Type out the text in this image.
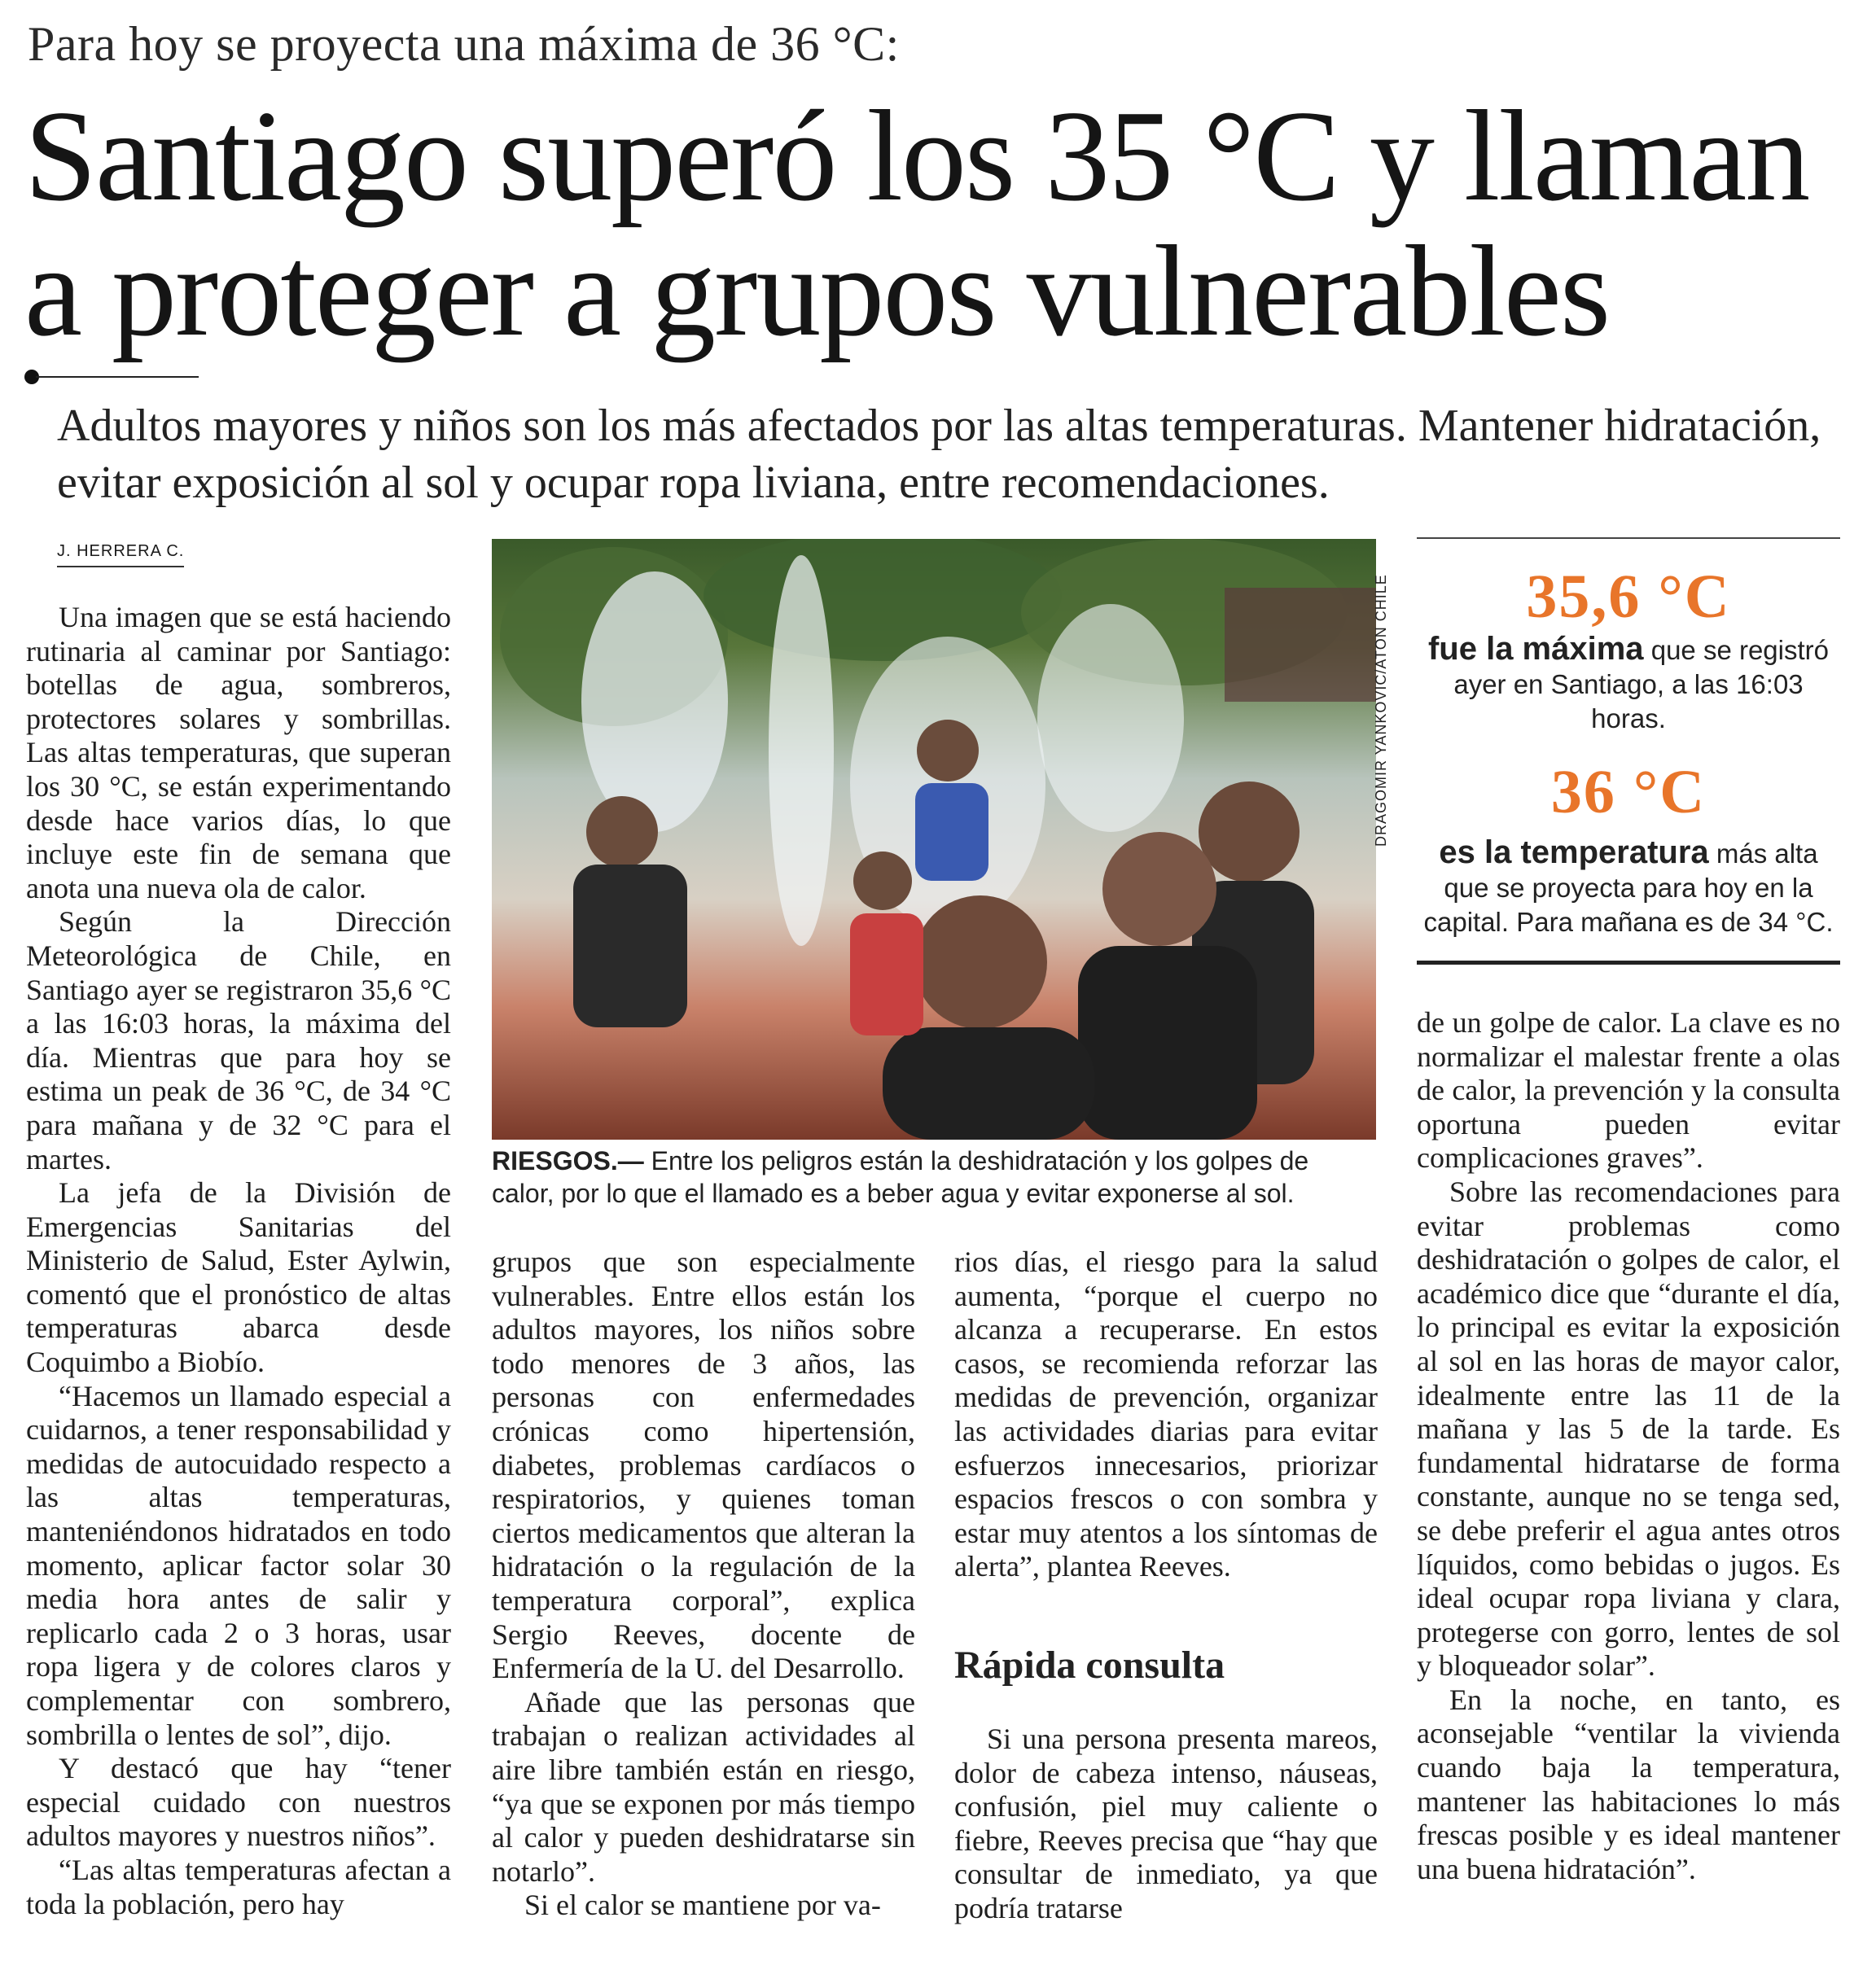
Para hoy se proyecta una máxima de 36 °C:
Santiago superó los 35 °C y llaman a proteger a grupos vulnerables
Adultos mayores y niños son los más afectados por las altas temperaturas. Mantener hidratación, evitar exposición al sol y ocupar ropa liviana, entre recomendaciones.
J. HERRERA C.

Una imagen que se está haciendo rutinaria al caminar por Santiago: botellas de agua, sombreros, protectores solares y sombrillas. Las altas temperaturas, que superan los 30 °C, se están experimentando desde hace varios días, lo que incluye este fin de semana que anota una nueva ola de calor.

Según la Dirección Meteorológica de Chile, en Santiago ayer se registraron 35,6 °C a las 16:03 horas, la máxima del día. Mientras que para hoy se estima un peak de 36 °C, de 34 °C para mañana y de 32 °C para el martes.

La jefa de la División de Emergencias Sanitarias del Ministerio de Salud, Ester Aylwin, comentó que el pronóstico de altas temperaturas abarca desde Coquimbo a Biobío.

“Hacemos un llamado especial a cuidarnos, a tener responsabilidad y medidas de autocuidado respecto a las altas temperaturas, manteniéndonos hidratados en todo momento, aplicar factor solar 30 media hora antes de salir y replicarlo cada 2 o 3 horas, usar ropa ligera y de colores claros y complementar con sombrero, sombrilla o lentes de sol”, dijo.

Y destacó que hay “tener especial cuidado con nuestros adultos mayores y nuestros niños”.

“Las altas temperaturas afectan a toda la población, pero hay

DRAGOMIR YANKOVIC/ATON CHILE
RIESGOS.— Entre los peligros están la deshidratación y los golpes de calor, por lo que el llamado es a beber agua y evitar exponerse al sol.
35,6 °C
fue la máxima que se registró ayer en Santiago, a las 16:03 horas.
36 °C
es la temperatura más alta que se proyecta para hoy en la capital. Para mañana es de 34 °C.

grupos que son especialmente vulnerables. Entre ellos están los adultos mayores, los niños sobre todo menores de 3 años, las personas con enfermedades crónicas como hipertensión, diabetes, problemas cardíacos o respiratorios, y quienes toman ciertos medicamentos que alteran la hidratación o la regulación de la temperatura corporal”, explica Sergio Reeves, docente de Enfermería de la U. del Desarrollo.

Añade que las personas que trabajan o realizan actividades al aire libre también están en riesgo, “ya que se exponen por más tiempo al calor y pueden deshidratarse sin notarlo”.

Si el calor se mantiene por va-

rios días, el riesgo para la salud aumenta, “porque el cuerpo no alcanza a recuperarse. En estos casos, se recomienda reforzar las medidas de prevención, organizar las actividades diarias para evitar esfuerzos innecesarios, priorizar espacios frescos o con sombra y estar muy atentos a los síntomas de alerta”, plantea Reeves.

Rápida consulta

Si una persona presenta mareos, dolor de cabeza intenso, náuseas, confusión, piel muy caliente o fiebre, Reeves precisa que “hay que consultar de inmediato, ya que podría tratarse

de un golpe de calor. La clave es no normalizar el malestar frente a olas de calor, la prevención y la consulta oportuna pueden evitar complicaciones graves”.

Sobre las recomendaciones para evitar problemas como deshidratación o golpes de calor, el académico dice que “durante el día, lo principal es evitar la exposición al sol en las horas de mayor calor, idealmente entre las 11 de la mañana y las 5 de la tarde. Es fundamental hidratarse de forma constante, aunque no se tenga sed, se debe preferir el agua antes otros líquidos, como bebidas o jugos. Es ideal ocupar ropa liviana y clara, protegerse con gorro, lentes de sol y bloqueador solar”.

En la noche, en tanto, es aconsejable “ventilar la vivienda cuando baja la temperatura, mantener las habitaciones lo más frescas posible y es ideal mantener una buena hidratación”.
